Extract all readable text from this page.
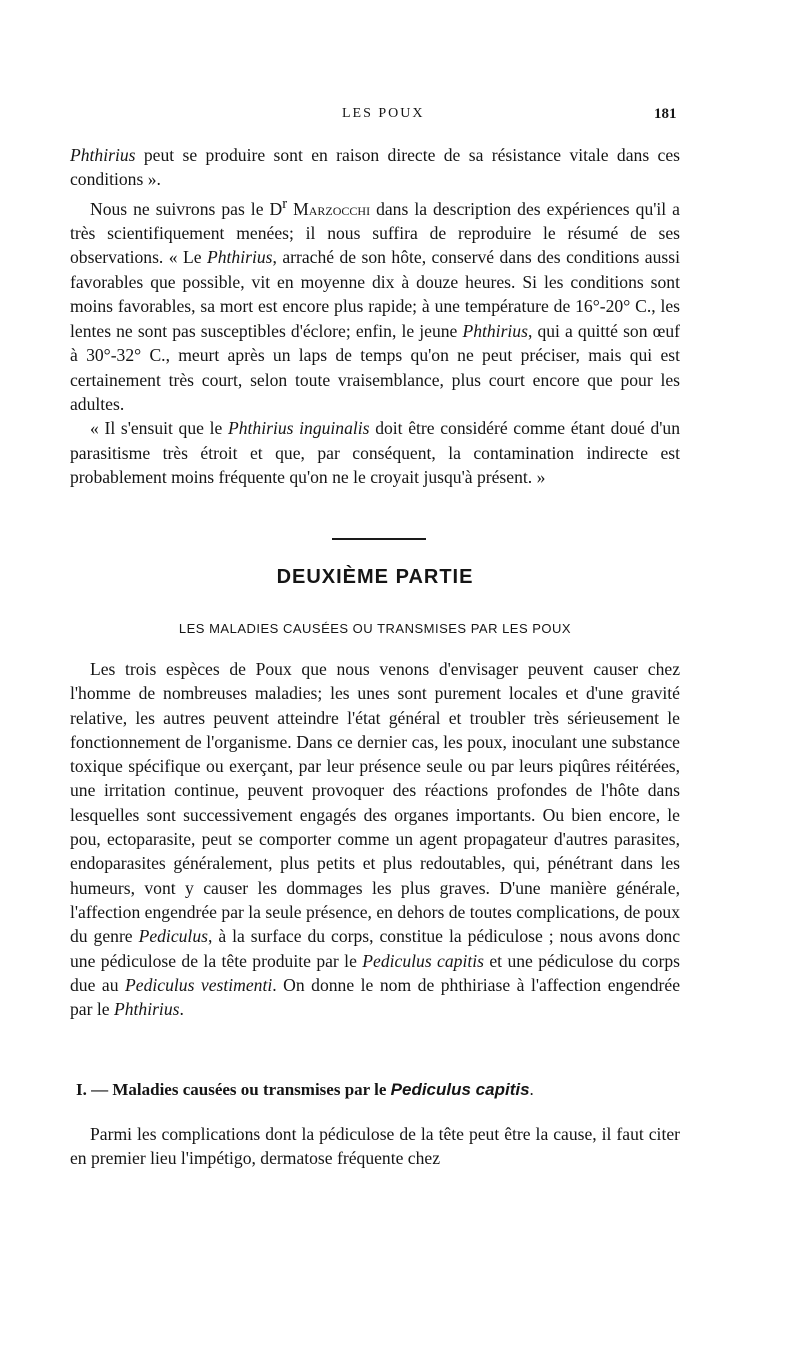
LES POUX	181

Phthirius peut se produire sont en raison directe de sa résistance vitale dans ces conditions ».

Nous ne suivrons pas le $D^r$ Marzocchi dans la description des expériences qu'il a très scientifiquement menées; il nous suffira de reproduire le résumé de ses observations. « Le Phthirius, arraché de son hôte, conservé dans des conditions aussi favorables que possible, vit en moyenne dix à douze heures. Si les conditions sont moins favorables, sa mort est encore plus rapide; à une température de 16°-20° C., les lentes ne sont pas susceptibles d'éclore; enfin, le jeune Phthirius, qui a quitté son œuf à 30°-32° C., meurt après un laps de temps qu'on ne peut préciser, mais qui est certainement très court, selon toute vraisemblance, plus court encore que pour les adultes.

« Il s'ensuit que le Phthirius inguinalis doit être considéré comme étant doué d'un parasitisme très étroit et que, par conséquent, la contamination indirecte est probablement moins fréquente qu'on ne le croyait jusqu'à présent. »

DEUXIÈME PARTIE
LES MALADIES CAUSÉES OU TRANSMISES PAR LES POUX

Les trois espèces de Poux que nous venons d'envisager peuvent causer chez l'homme de nombreuses maladies; les unes sont purement locales et d'une gravité relative, les autres peuvent atteindre l'état général et troubler très sérieusement le fonctionnement de l'organisme. Dans ce dernier cas, les poux, inoculant une substance toxique spécifique ou exerçant, par leur présence seule ou par leurs piqûres réitérées, une irritation continue, peuvent provoquer des réactions profondes de l'hôte dans lesquelles sont successivement engagés des organes importants. Ou bien encore, le pou, ectoparasite, peut se comporter comme un agent propagateur d'autres parasites, endoparasites généralement, plus petits et plus redoutables, qui, pénétrant dans les humeurs, vont y causer les dommages les plus graves. D'une manière générale, l'affection engendrée par la seule présence, en dehors de toutes complications, de poux du genre Pediculus, à la surface du corps, constitue la pédiculose ; nous avons donc une pédiculose de la tête produite par le Pediculus capitis et une pédiculose du corps due au Pediculus vestimenti. On donne le nom de phthiriase à l'affection engendrée par le Phthirius.

I. — Maladies causées ou transmises par le Pediculus capitis.

Parmi les complications dont la pédiculose de la tête peut être la cause, il faut citer en premier lieu l'impétigo, dermatose fréquente chez
